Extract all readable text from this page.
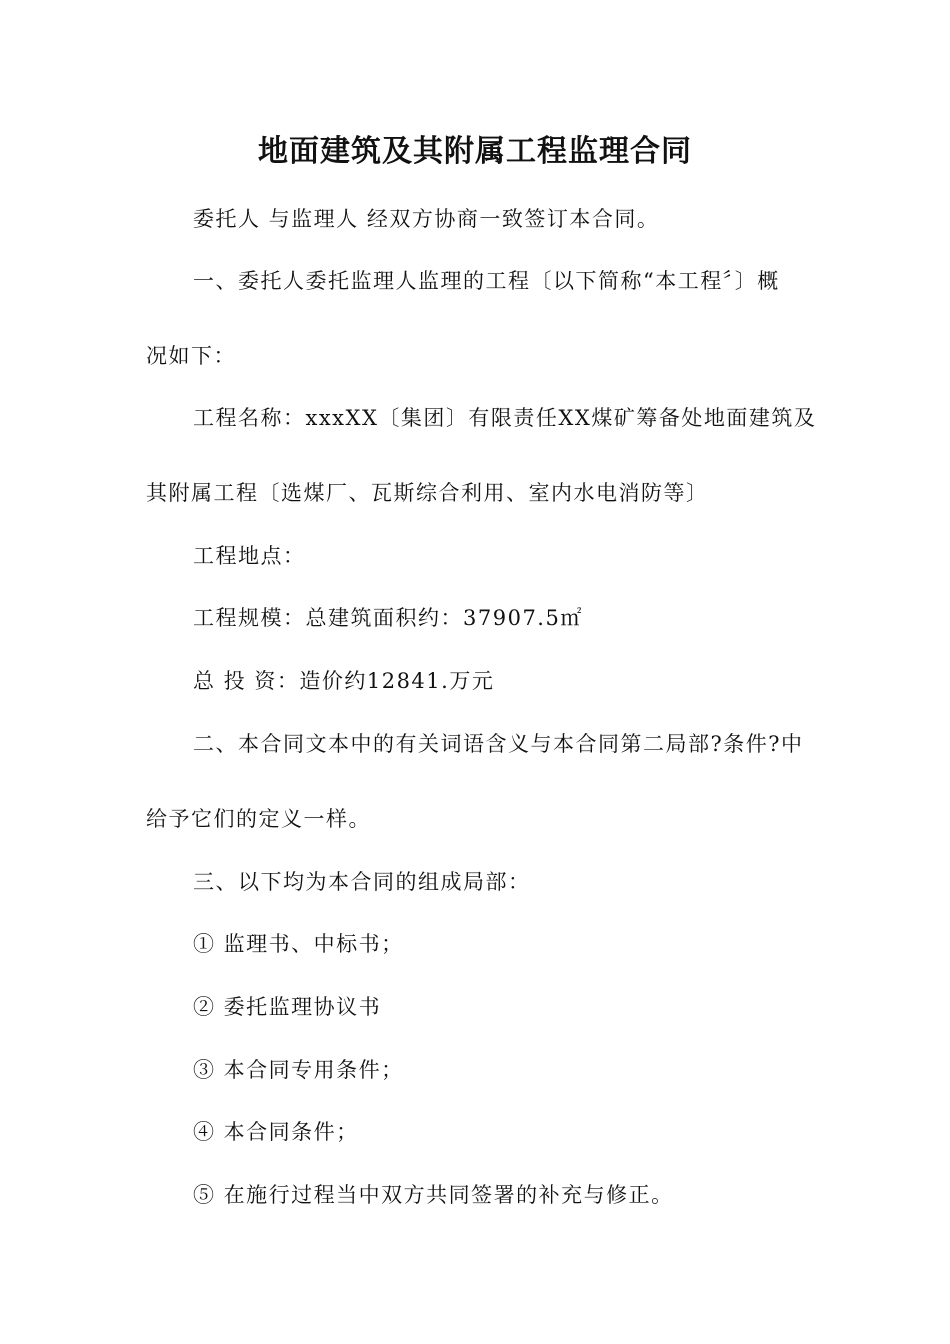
地面建筑及其附属工程监理合同
委托人 与监理人 经双方协商一致签订本合同。
一、委托人委托监理人监理的工程〔以下简称“本工程〞〕概
况如下：
工程名称：xxxXX〔集团〕有限责任XX煤矿筹备处地面建筑及
其附属工程〔选煤厂、瓦斯综合利用、室内水电消防等〕
工程地点：
工程规模：总建筑面积约：37907.5㎡
总 投 资：造价约12841.万元
二、本合同文本中的有关词语含义与本合同第二局部?条件?中
给予它们的定义一样。
三、以下均为本合同的组成局部：
① 监理书、中标书；
② 委托监理协议书
③ 本合同专用条件；
④ 本合同条件；
⑤ 在施行过程当中双方共同签署的补充与修正。
